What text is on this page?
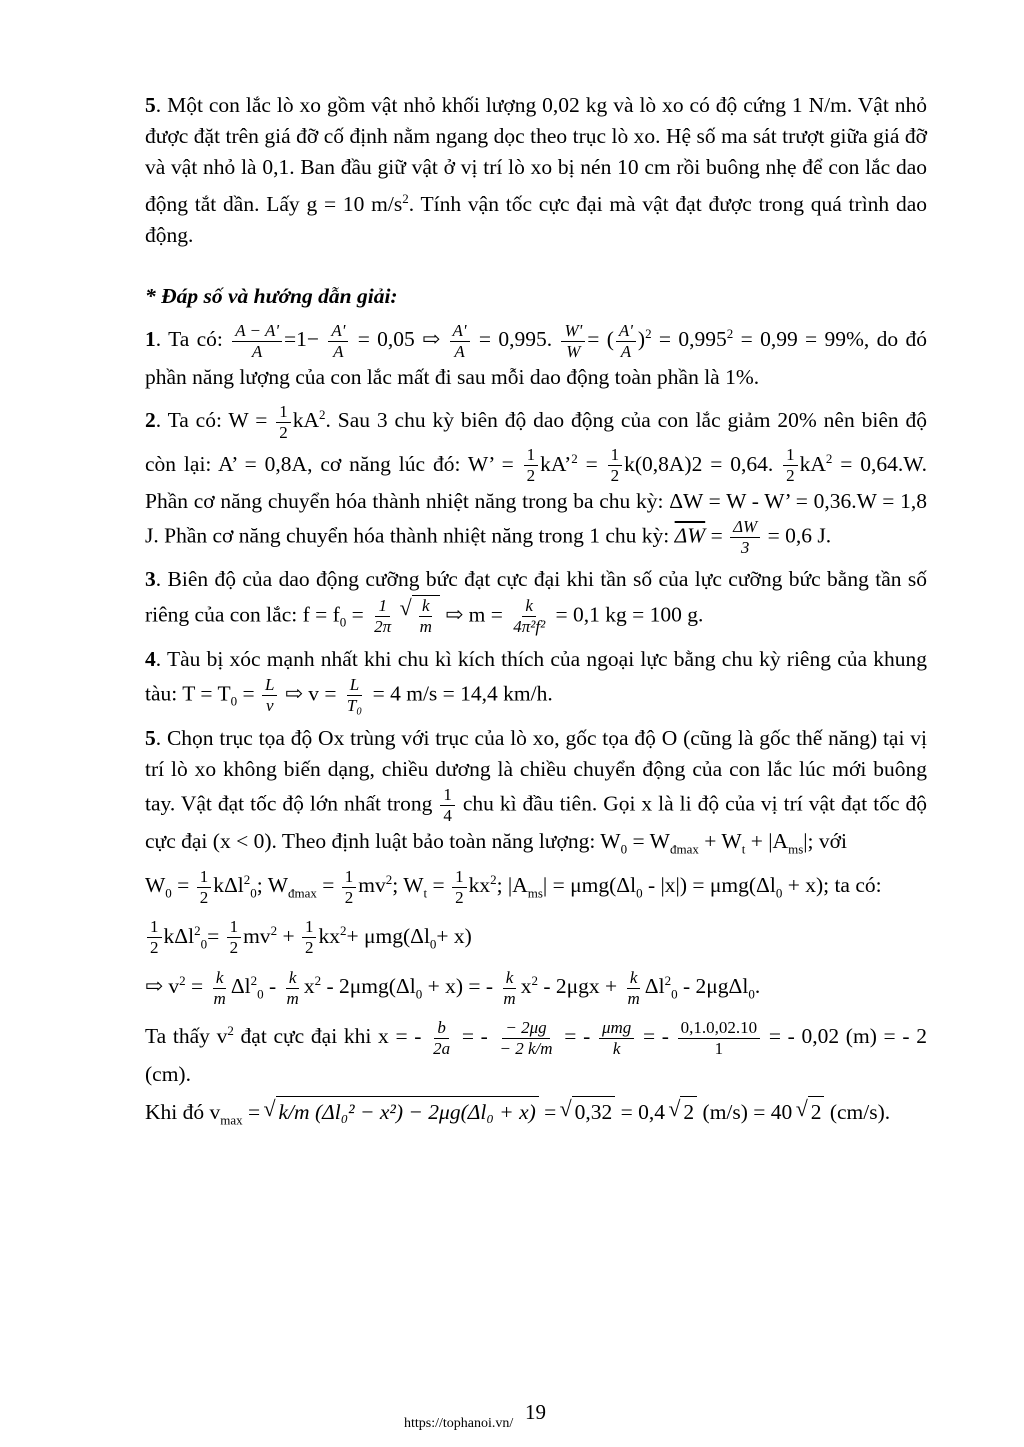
5. Một con lắc lò xo gồm vật nhỏ khối lượng 0,02 kg và lò xo có độ cứng 1 N/m. Vật nhỏ được đặt trên giá đỡ cố định nằm ngang dọc theo trục lò xo. Hệ số ma sát trượt giữa giá đỡ và vật nhỏ là 0,1. Ban đầu giữ vật ở vị trí lò xo bị nén 10 cm rồi buông nhẹ để con lắc dao động tắt dần. Lấy g = 10 $m/s^2$. Tính vận tốc cực đại mà vật đạt được trong quá trình dao động.

* Đáp số và hướng dẫn giải:

1. Ta có: $\frac{A - A'}{A} =1- \frac{A'}{A} = 0,05$ ⇨ $\frac{A'}{A} = 0,995$. $\frac{W'}{W}$ = ( $\frac{A'}{A} )^2 = 0,995^2 = 0,99 = 99\%$, do đó phần năng lượng của con lắc mất đi sau mỗi dao động toàn phần là 1%.

2. Ta có: $W = \frac{1}{2} kA^2$. Sau 3 chu kỳ biên độ dao động của con lắc giảm 20% nên biên độ còn lại: A’ = 0,8A, cơ năng lúc đó: W’ = $\frac{1}{2}$ kA’$^2$ = $\frac{1}{2} k(0,8A)2 = 0,64$. $\frac{1}{2} kA^2 = 0,64.W$. Phần cơ năng chuyển hóa thành nhiệt năng trong ba chu kỳ: ΔW = W - W’ = 0,36.W = 1,8 J. Phần cơ năng chuyển hóa thành nhiệt năng trong 1 chu kỳ: $\overline{\Delta W} = \frac{\Delta W}{3} = 0,6$ J.

3. Biên độ của dao động cưỡng bức đạt cực đại khi tần số của lực cưỡng bức bằng tần số riêng của con lắc: $f = f_0 = \frac{1}{2\pi}$
√ $\frac{k}{m}$ ⇨ $m = \frac{k}{\text{4π²f²}} = 0,1$ kg = 100 g.

4. Tàu bị xóc mạnh nhất khi chu kì kích thích của ngoại lực bằng chu kỳ riêng của khung tàu: $T = T_0 = \frac{L}{v}$ ⇨ $v = \frac{L}{\text{T₀}} = 4$ m/s = 14,4 km/h.

5. Chọn trục tọa độ Ox trùng với trục của lò xo, gốc tọa độ O (cũng là gốc thế năng) tại vị trí lò xo không biến dạng, chiều dương là chiều chuyển động của con lắc lúc mới buông tay. Vật đạt tốc độ lớn nhất trong $\frac{1}{4}$ chu kì đầu tiên. Gọi x là li độ của vị trí vật đạt tốc độ cực đại (x < 0). Theo định luật bảo toàn năng lượng: $W_0 = W_{đmax} + W_t + |A_{ms}|$; vớiW$_0$ = $\frac{1}{2} k\Delta l^2_0$; $W_{đmax} = \frac{1}{2} mv^2$; $W_t = \frac{1}{2} kx^2$; $|A_{ms}| = \mu mg(\Delta l_0 - |x|) = \mu mg(\Delta l_0 + x)$; ta có:

$\frac{1}{2} k\Delta l^2_0= \frac{1}{2} mv^2 + \frac{1}{2} kx^2+ \mu mg(\Delta l_0+ x)$

⇨ $v^2 = \frac{k}{m} \Delta l^2_0 - \frac{k}{m} x^2 - 2\mu mg(\Delta l_0 + x)$ = - $\frac{k}{m} x^2 - 2\mu gx + \frac{k}{m} \Delta l^2_0 - 2\mu g\Delta l_0$.

Ta thấy $v^2$ đạt cực đại khi x = - $\frac{b}{2a}$ = - $\frac{- 2\mu g}{- 2 k/m}$ = - $\frac{\text{μmg}}{k}$ = - $\frac{0,1.0,02.10}{1}$ = - 0,02 (m) = - 2 (cm).

Khi đó $v_{max}$ = √ k/m (Δl₀² − x²) − 2μg(Δl₀ + x) = √ 0,32 = 0,4 √ 2 (m/s) = 40 √ 2 (cm/s).

19
https://tophanoi.vn/
